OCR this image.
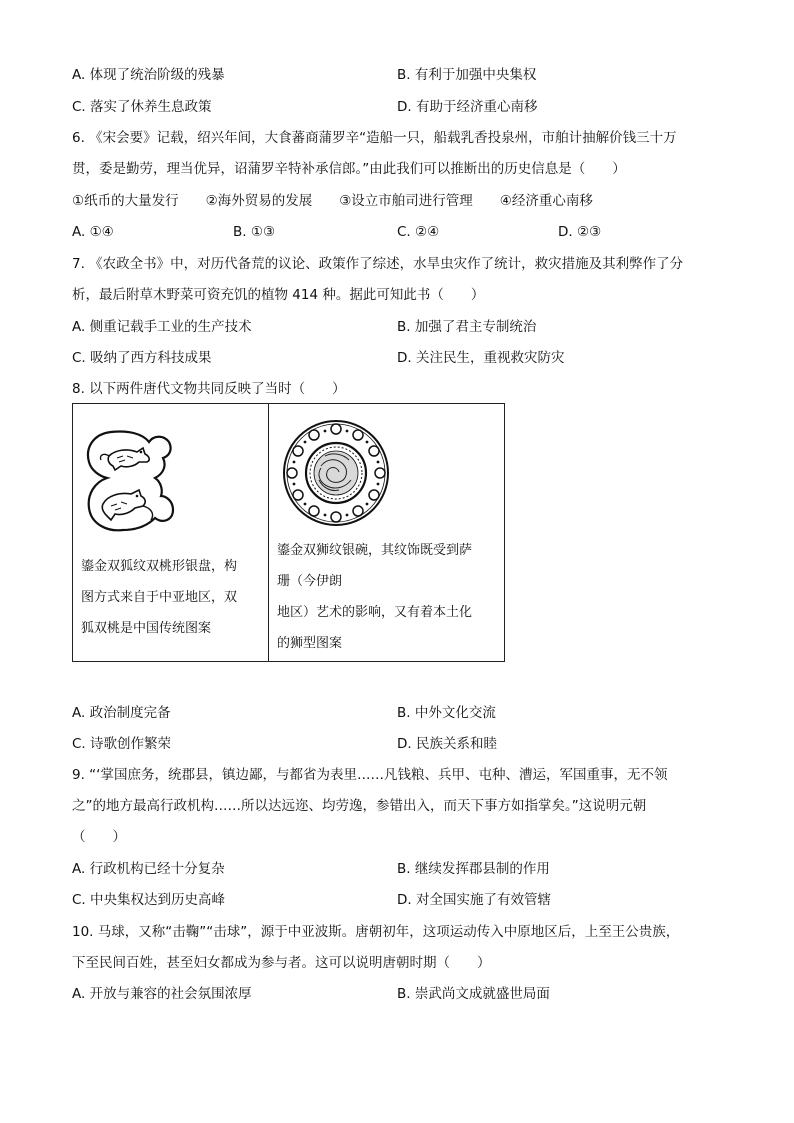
A. 体现了统治阶级的残暴	B. 有利于加强中央集权
C. 落实了休养生息政策	D. 有助于经济重心南移
6. 《宋会要》记载，绍兴年间，大食蕃商蒲罗辛“造船一只，船载乳香投泉州，市舶计抽解价钱三十万
贯，委是勤劳，理当优异，诏蒲罗辛特补承信郎。”由此我们可以推断出的历史信息是（　　）
①纸币的大量发行　　②海外贸易的发展　　③设立市舶司进行管理　　④经济重心南移
A. ①④	B. ①③	C. ②④	D. ②③
7. 《农政全书》中，对历代备荒的议论、政策作了综述，水旱虫灾作了统计，救灾措施及其利弊作了分
析，最后附草木野菜可资充饥的植物 414 种。据此可知此书（　　）
A. 侧重记载手工业的生产技术	B. 加强了君主专制统治
C. 吸纳了西方科技成果	D. 关注民生，重视救灾防灾
8. 以下两件唐代文物共同反映了当时（　　）
鎏金双狐纹双桃形银盘，构
图方式来自于中亚地区，双
狐双桃是中国传统图案
鎏金双狮纹银碗，其纹饰既受到萨
珊（今伊朗
地区）艺术的影响，又有着本土化
的狮型图案
A. 政治制度完备	B. 中外文化交流
C. 诗歌创作繁荣	D. 民族关系和睦
9. “‘掌国庶务，统郡县，镇边鄙，与都省为表里……凡钱粮、兵甲、屯种、漕运，军国重事，无不领
之”的地方最高行政机构……所以达远迩、均劳逸，参错出入，而天下事方如指掌矣。”这说明元朝
（　　）
A. 行政机构已经十分复杂	B. 继续发挥郡县制的作用
C. 中央集权达到历史高峰	D. 对全国实施了有效管辖
10. 马球，又称“击鞠”“击球”，源于中亚波斯。唐朝初年，这项运动传入中原地区后，上至王公贵族，
下至民间百姓，甚至妇女都成为参与者。这可以说明唐朝时期（　　）
A. 开放与兼容的社会氛围浓厚	B. 崇武尚文成就盛世局面
